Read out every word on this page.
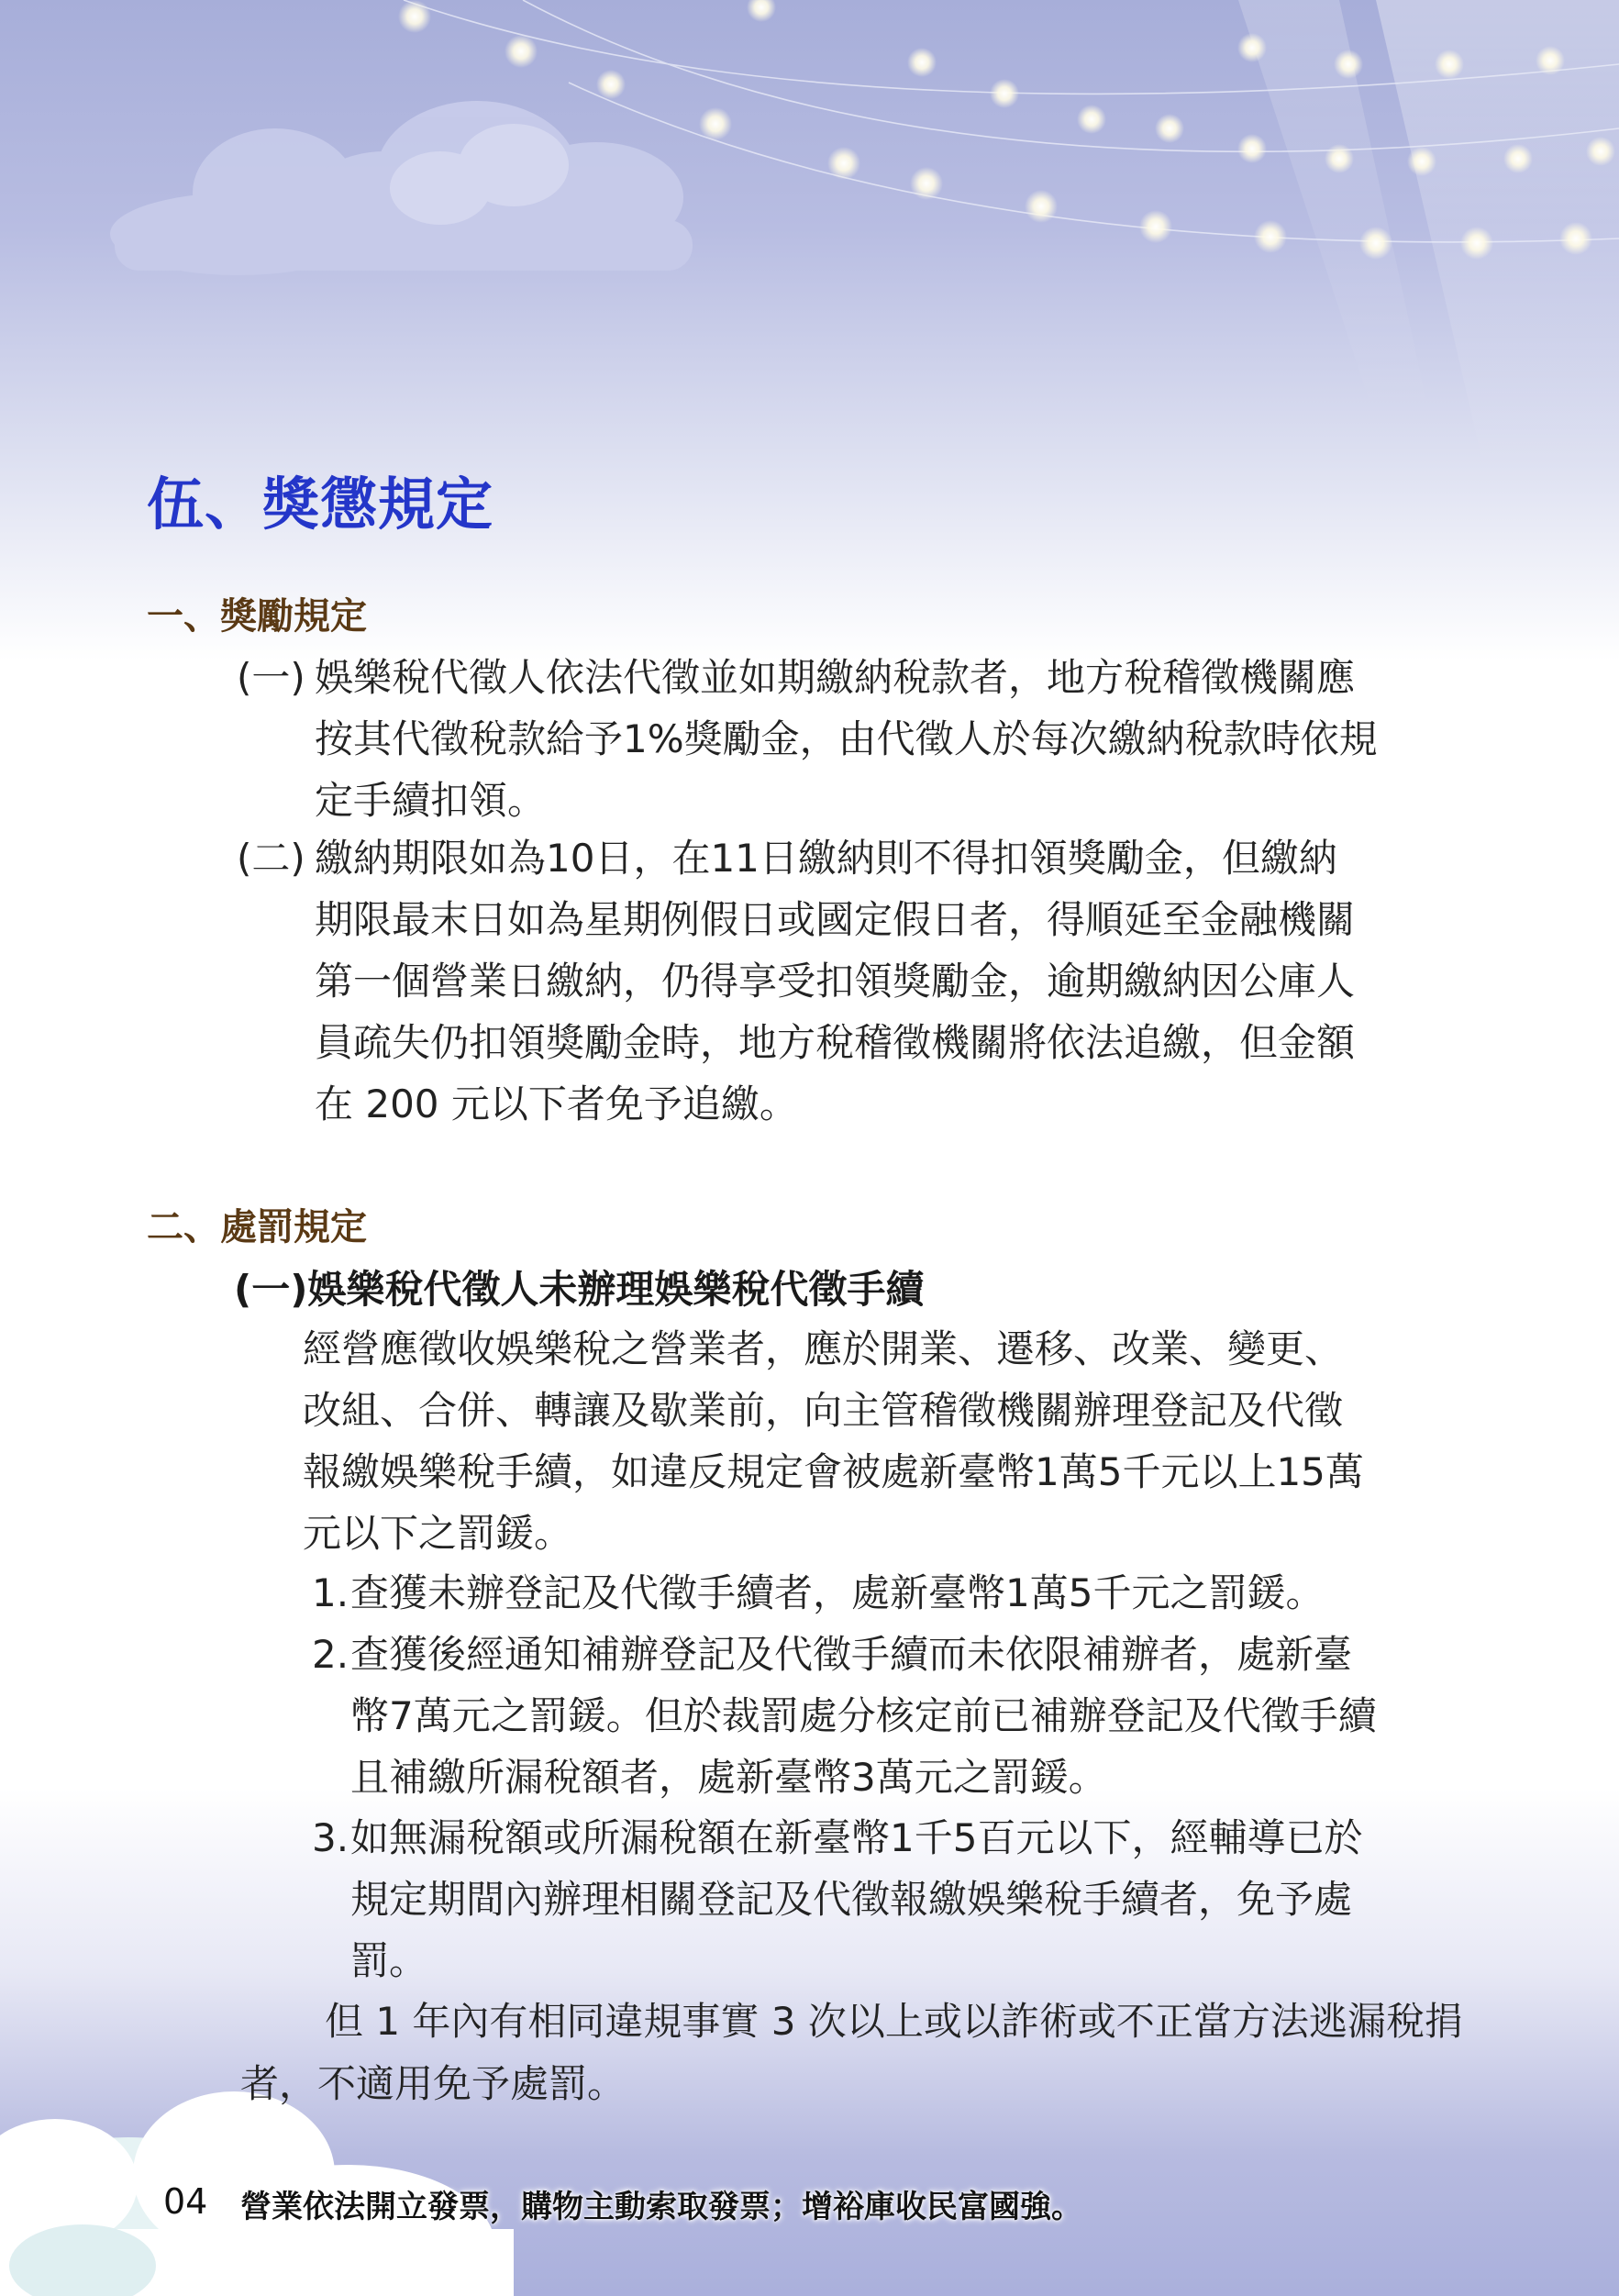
伍、獎懲規定
一、獎勵規定
(一) 娛樂稅代徵人依法代徵並如期繳納稅款者，地方稅稽徵機關應
按其代徵稅款給予1%獎勵金，由代徵人於每次繳納稅款時依規
定手續扣領。
(二) 繳納期限如為10日，在11日繳納則不得扣領獎勵金，但繳納
期限最末日如為星期例假日或國定假日者，得順延至金融機關
第一個營業日繳納，仍得享受扣領獎勵金，逾期繳納因公庫人
員疏失仍扣領獎勵金時，地方稅稽徵機關將依法追繳，但金額
在 200 元以下者免予追繳。
二、處罰規定
(一)娛樂稅代徵人未辦理娛樂稅代徵手續
經營應徵收娛樂稅之營業者，應於開業、遷移、改業、變更、
改組、合併、轉讓及歇業前，向主管稽徵機關辦理登記及代徵
報繳娛樂稅手續，如違反規定會被處新臺幣1萬5千元以上15萬
元以下之罰鍰。
1. 查獲未辦登記及代徵手續者，處新臺幣1萬5千元之罰鍰。
2. 查獲後經通知補辦登記及代徵手續而未依限補辦者，處新臺
幣7萬元之罰鍰。但於裁罰處分核定前已補辦登記及代徵手續
且補繳所漏稅額者，處新臺幣3萬元之罰鍰。
3. 如無漏稅額或所漏稅額在新臺幣1千5百元以下，經輔導已於
規定期間內辦理相關登記及代徵報繳娛樂稅手續者，免予處
罰。
但 1 年內有相同違規事實 3 次以上或以詐術或不正當方法逃漏稅捐者，不適用免予處罰。
04 營業依法開立發票，購物主動索取發票；增裕庫收民富國強。
